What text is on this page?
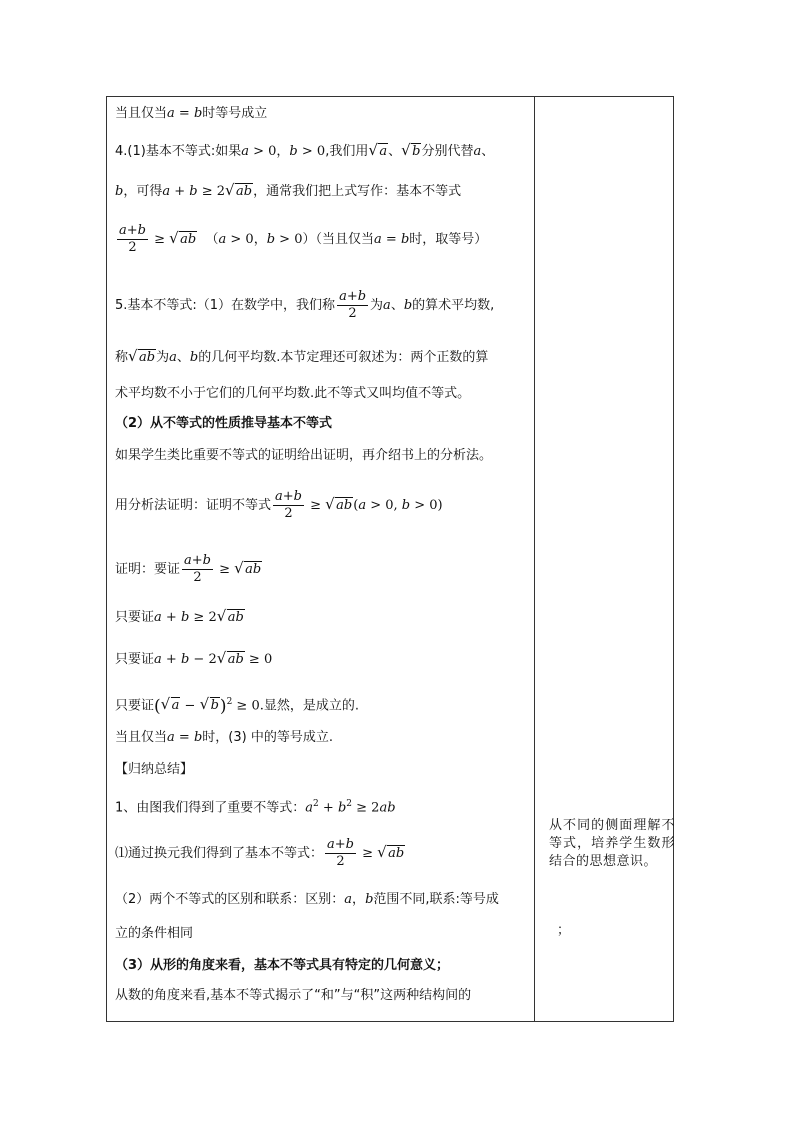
当且仅当a = b时等号成立
4.(1)基本不等式:如果a > 0，b > 0,我们用 √ a、 √ b分别代替a、
b，可得a + b ≥ 2 √ ab，通常我们把上式写作：基本不等式
$\frac{a+b}{2}$ ≥ √ ab  （a > 0，b > 0）（当且仅当a = b时，取等号）
5.基本不等式:（1）在数学中，我们称 $\frac{a+b}{2}$ 为a、b的算术平均数,
称 √ ab为a、b的几何平均数.本节定理还可叙述为：两个正数的算
术平均数不小于它们的几何平均数.此不等式又叫均值不等式。
（2）从不等式的性质推导基本不等式
如果学生类比重要不等式的证明给出证明，再介绍书上的分析法。
用分析法证明：证明不等式 $\frac{a+b}{2}$ ≥ √ ab(a > 0, b > 0)
证明：要证 $\frac{a+b}{2}$ ≥ √ ab
只要证a + b ≥ 2 √ ab
只要证a + b − 2 √ ab ≥ 0
只要证( √ a − √ b)$^2$ ≥ 0.显然，是成立的.
当且仅当a = b时，(3) 中的等号成立.
【归纳总结】
1、由图我们得到了重要不等式：$a^2 + b^2 \ge 2ab$
⑴通过换元我们得到了基本不等式： $\frac{a+b}{2}$ ≥ √ ab
（2）两个不等式的区别和联系：区别：a，b范围不同,联系:等号成
立的条件相同
（3）从形的角度来看，基本不等式具有特定的几何意义；
从数的角度来看,基本不等式揭示了“和”与“积”这两种结构间的
从不同的侧面理解不等式，培养学生数形结合的思想意识。
；
